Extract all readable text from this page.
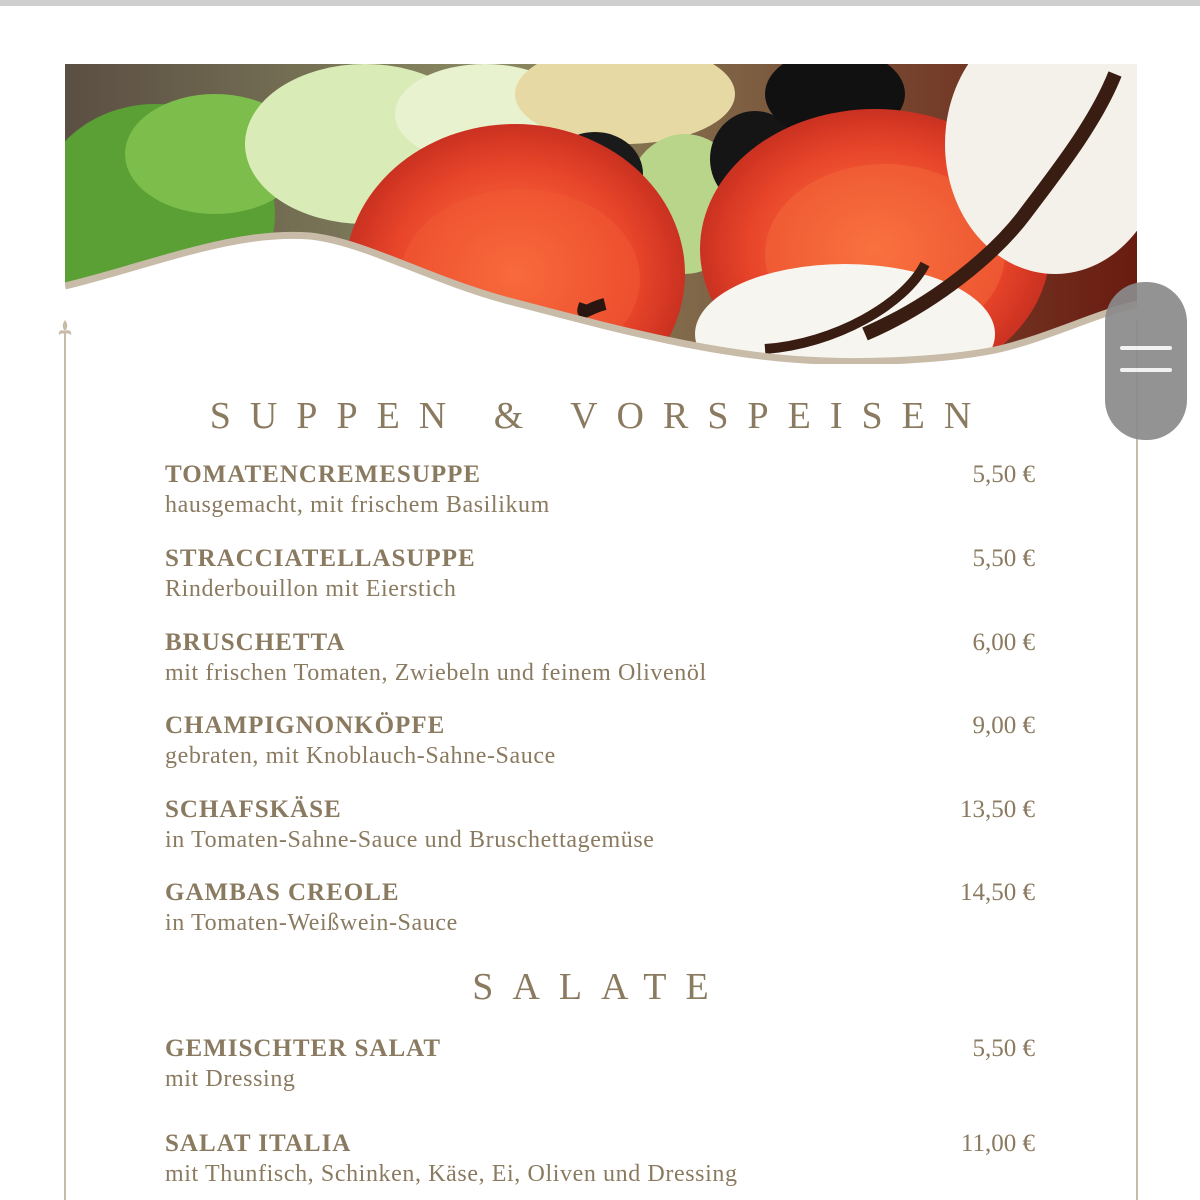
SUPPEN & VORSPEISEN
TOMATENCREMESUPPE
hausgemacht, mit frischem Basilikum
5,50 €
STRACCIATELLASUPPE
Rinderbouillon mit Eierstich
5,50 €
BRUSCHETTA
mit frischen Tomaten, Zwiebeln und feinem Olivenöl
6,00 €
CHAMPIGNONKÖPFE
gebraten, mit Knoblauch-Sahne-Sauce
9,00 €
SCHAFSKÄSE
in Tomaten-Sahne-Sauce und Bruschettagemüse
13,50 €
GAMBAS CREOLE
in Tomaten-Weißwein-Sauce
14,50 €
SALATE
GEMISCHTER SALAT
mit Dressing
5,50 €
SALAT ITALIA
mit Thunfisch, Schinken, Käse, Ei, Oliven und Dressing
11,00 €
